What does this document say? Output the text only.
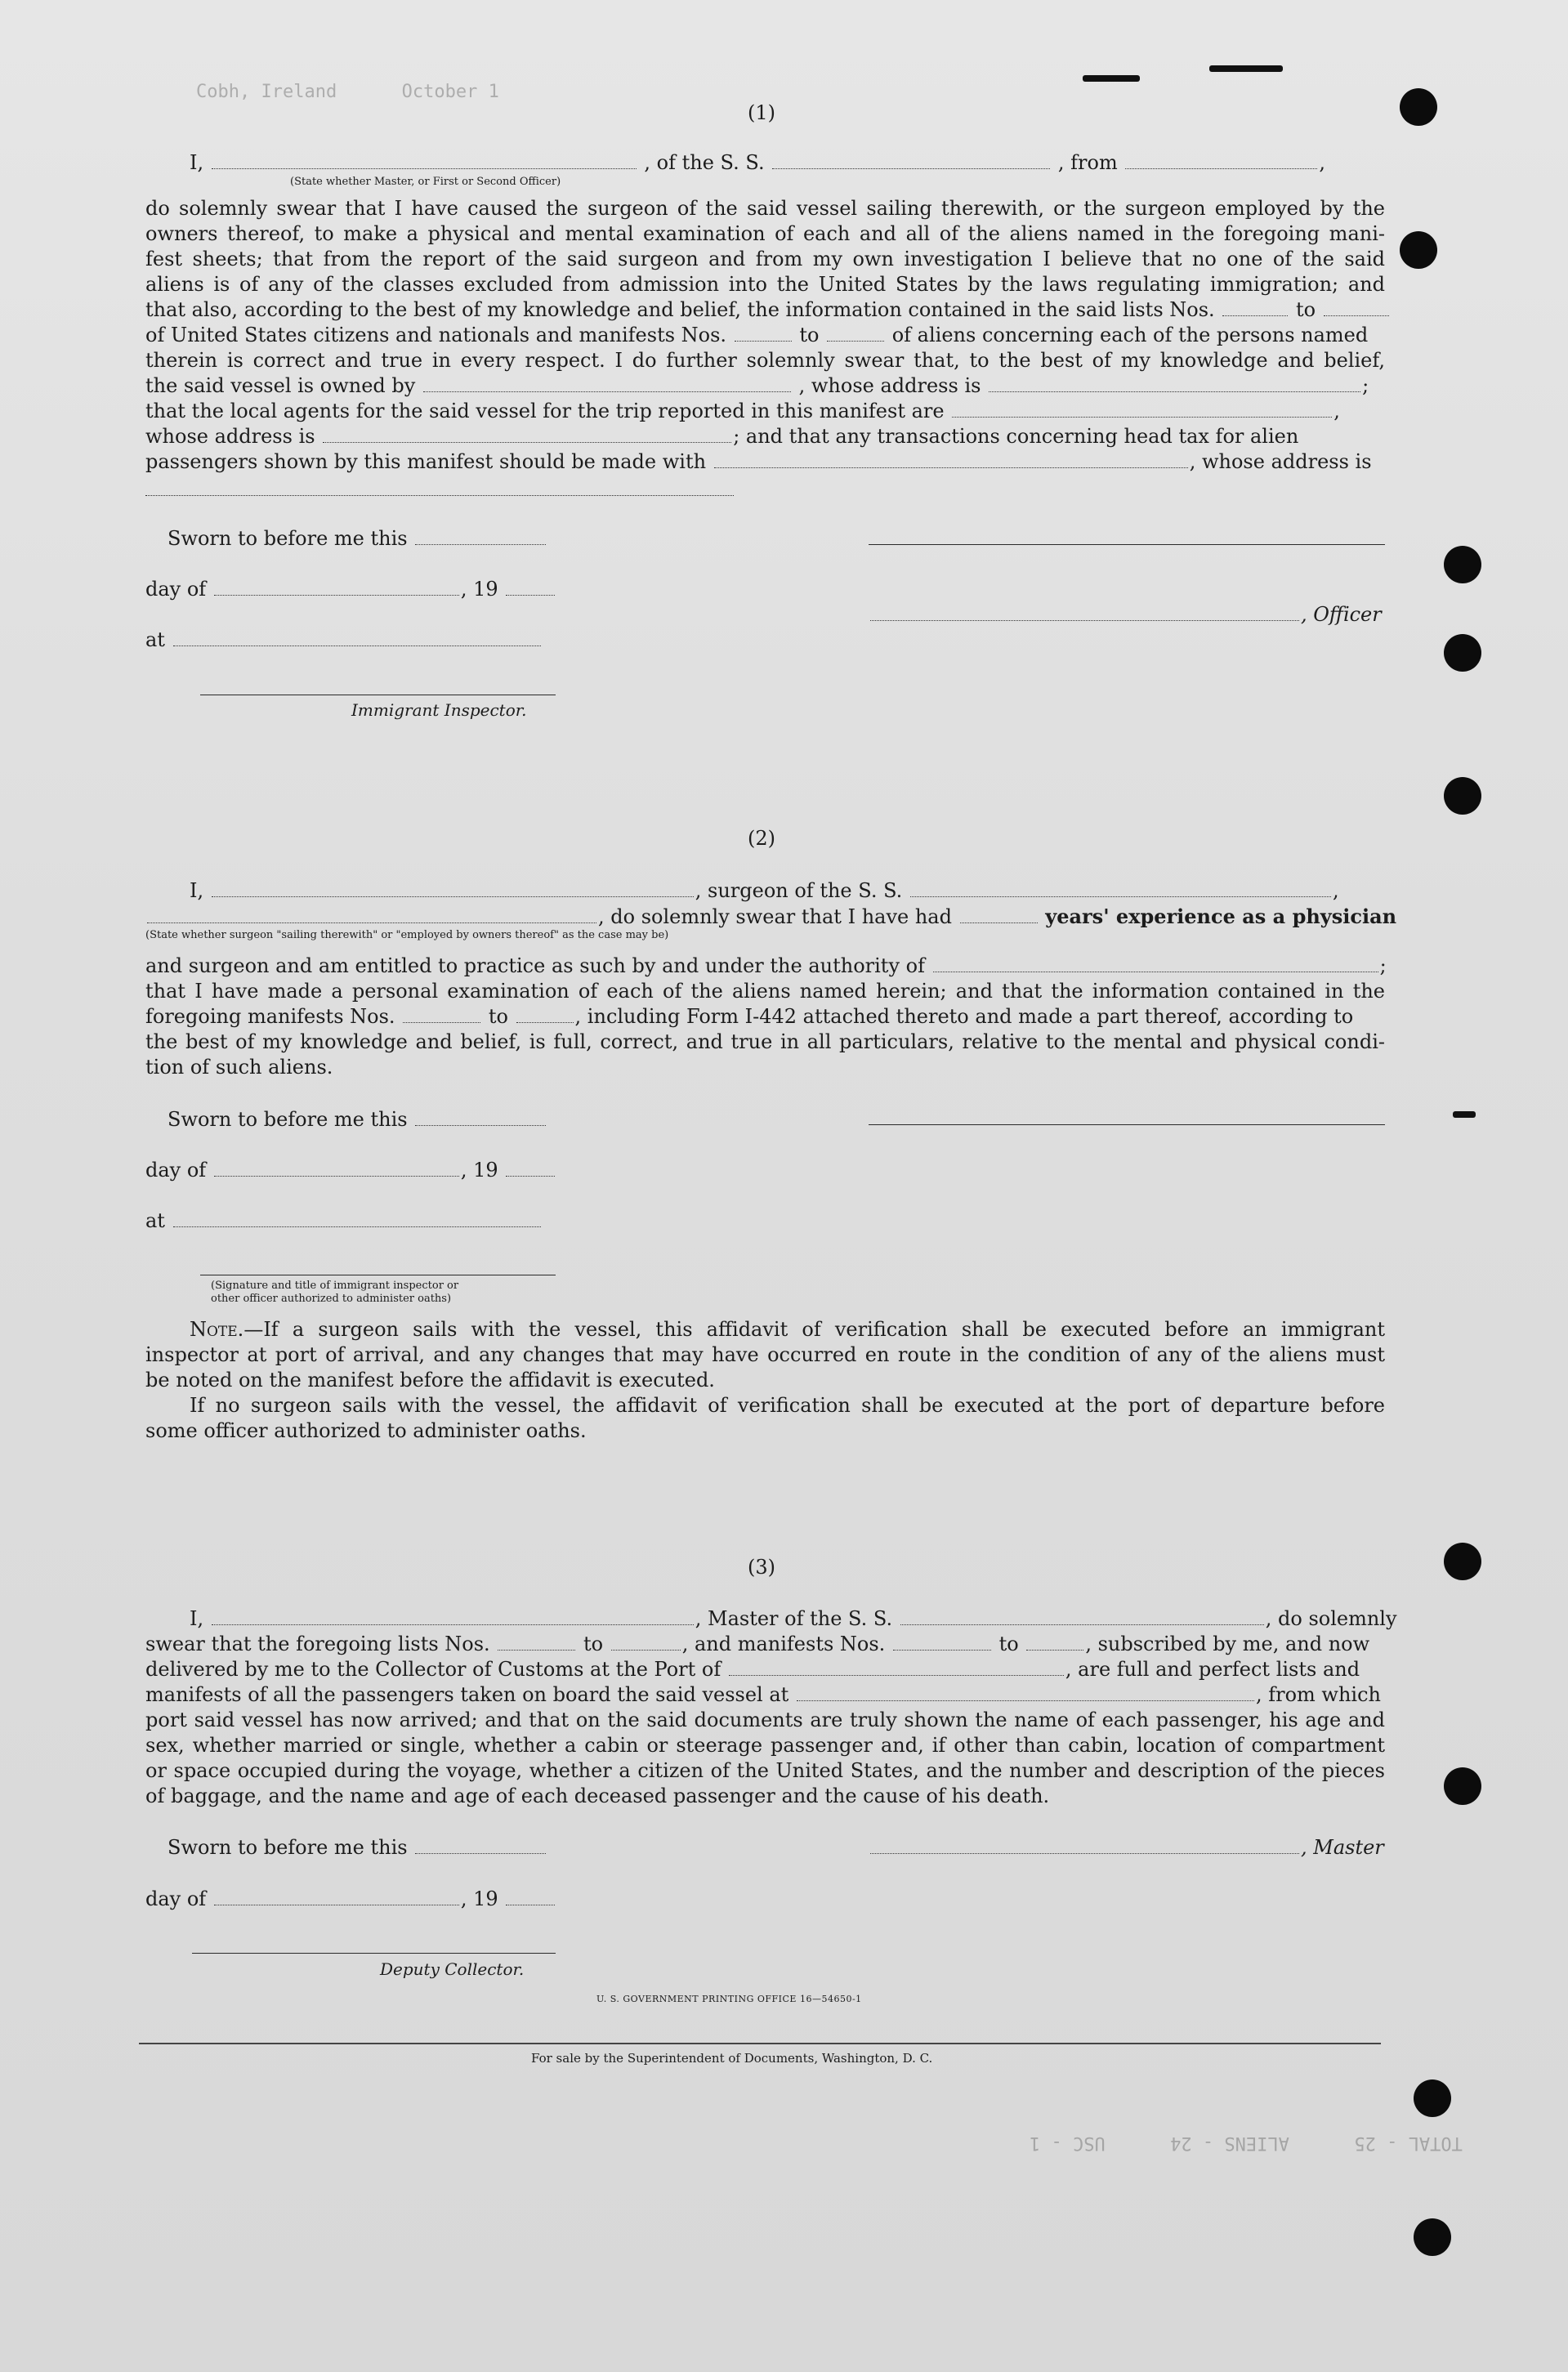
TOTAL - 25      ALIENS - 24      USC - 1
Cobh, Ireland      October 1
(1)
I,	, of the S. S.	, from	,
(State whether Master, or First or Second Officer)
do solemnly swear that I have caused the surgeon of the said vessel sailing therewith, or the surgeon employed by the
owners thereof, to make a physical and mental examination of each and all of the aliens named in the foregoing mani-
fest sheets; that from the report of the said surgeon and from my own investigation I believe that no one of the said
aliens is of any of the classes excluded from admission into the United States by the laws regulating immigration; and
that also, according to the best of my knowledge and belief, the information contained in the said lists Nos.	to
of United States citizens and nationals and manifests Nos.	to	of aliens concerning each of the persons named
therein is correct and true in every respect. I do further solemnly swear that, to the best of my knowledge and belief,
the said vessel is owned by	, whose address is	;
that the local agents for the said vessel for the trip reported in this manifest are	,
whose address is	; and that any transactions concerning head tax for alien
passengers shown by this manifest should be made with	, whose address is
Sworn to before me this
day of	, 19
, Officer
at
Immigrant Inspector.
(2)
I,	, surgeon of the S. S.	,
, do solemnly swear that I have had	years' experience as a physician
(State whether surgeon "sailing therewith" or "employed by owners thereof" as the case may be)
and surgeon and am entitled to practice as such by and under the authority of	;
that I have made a personal examination of each of the aliens named herein; and that the information contained in the
foregoing manifests Nos.	to	, including Form I-442 attached thereto and made a part thereof, according to
the best of my knowledge and belief, is full, correct, and true in all particulars, relative to the mental and physical condi-
tion of such aliens.
Sworn to before me this
day of	, 19
at
(Signature and title of immigrant inspector or
other officer authorized to administer oaths)
Note.—If a surgeon sails with the vessel, this affidavit of verification shall be executed before an immigrant
inspector at port of arrival, and any changes that may have occurred en route in the condition of any of the aliens must
be noted on the manifest before the affidavit is executed.
If no surgeon sails with the vessel, the affidavit of verification shall be executed at the port of departure before
some officer authorized to administer oaths.
(3)
I,	, Master of the S. S.	, do solemnly
swear that the foregoing lists Nos.	to	, and manifests Nos.	to	, subscribed by me, and now
delivered by me to the Collector of Customs at the Port of	, are full and perfect lists and
manifests of all the passengers taken on board the said vessel at	, from which
port said vessel has now arrived; and that on the said documents are truly shown the name of each passenger, his age and
sex, whether married or single, whether a cabin or steerage passenger and, if other than cabin, location of compartment
or space occupied during the voyage, whether a citizen of the United States, and the number and description of the pieces
of baggage, and the name and age of each deceased passenger and the cause of his death.
Sworn to before me this	, Master
day of	, 19
Deputy Collector.
U. S. GOVERNMENT PRINTING OFFICE 16—54650-1
For sale by the Superintendent of Documents, Washington, D. C.
